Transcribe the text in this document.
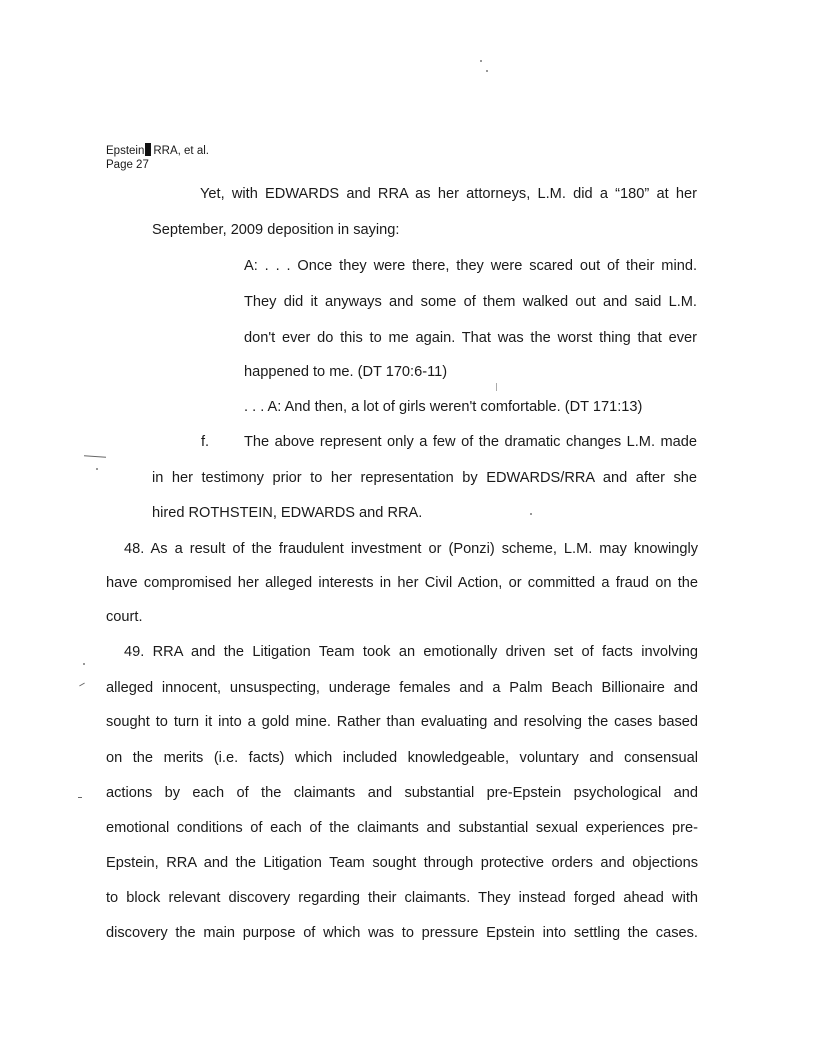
Epstein RRA, et al.
Page 27
Yet, with EDWARDS and RRA as her attorneys, L.M. did a “180” at her
September, 2009 deposition in saying:
A: . . . Once they were there, they were scared out of their mind.
They did it anyways and some of them walked out and said L.M.
don't ever do this to me again. That was the worst thing that ever
happened to me. (DT 170:6-11)
. . . A: And then, a lot of girls weren't comfortable. (DT 171:13)
f. The above represent only a few of the dramatic changes L.M. made
in her testimony prior to her representation by EDWARDS/RRA and after she
hired ROTHSTEIN, EDWARDS and RRA.
48. As a result of the fraudulent investment or (Ponzi) scheme, L.M. may knowingly
have compromised her alleged interests in her Civil Action, or committed a fraud on the
court.
49. RRA and the Litigation Team took an emotionally driven set of facts involving
alleged innocent, unsuspecting, underage females and a Palm Beach Billionaire and
sought to turn it into a gold mine. Rather than evaluating and resolving the cases based
on the merits (i.e. facts) which included knowledgeable, voluntary and consensual
actions by each of the claimants and substantial pre-Epstein psychological and
emotional conditions of each of the claimants and substantial sexual experiences pre-
Epstein, RRA and the Litigation Team sought through protective orders and objections
to block relevant discovery regarding their claimants. They instead forged ahead with
discovery the main purpose of which was to pressure Epstein into settling the cases.
